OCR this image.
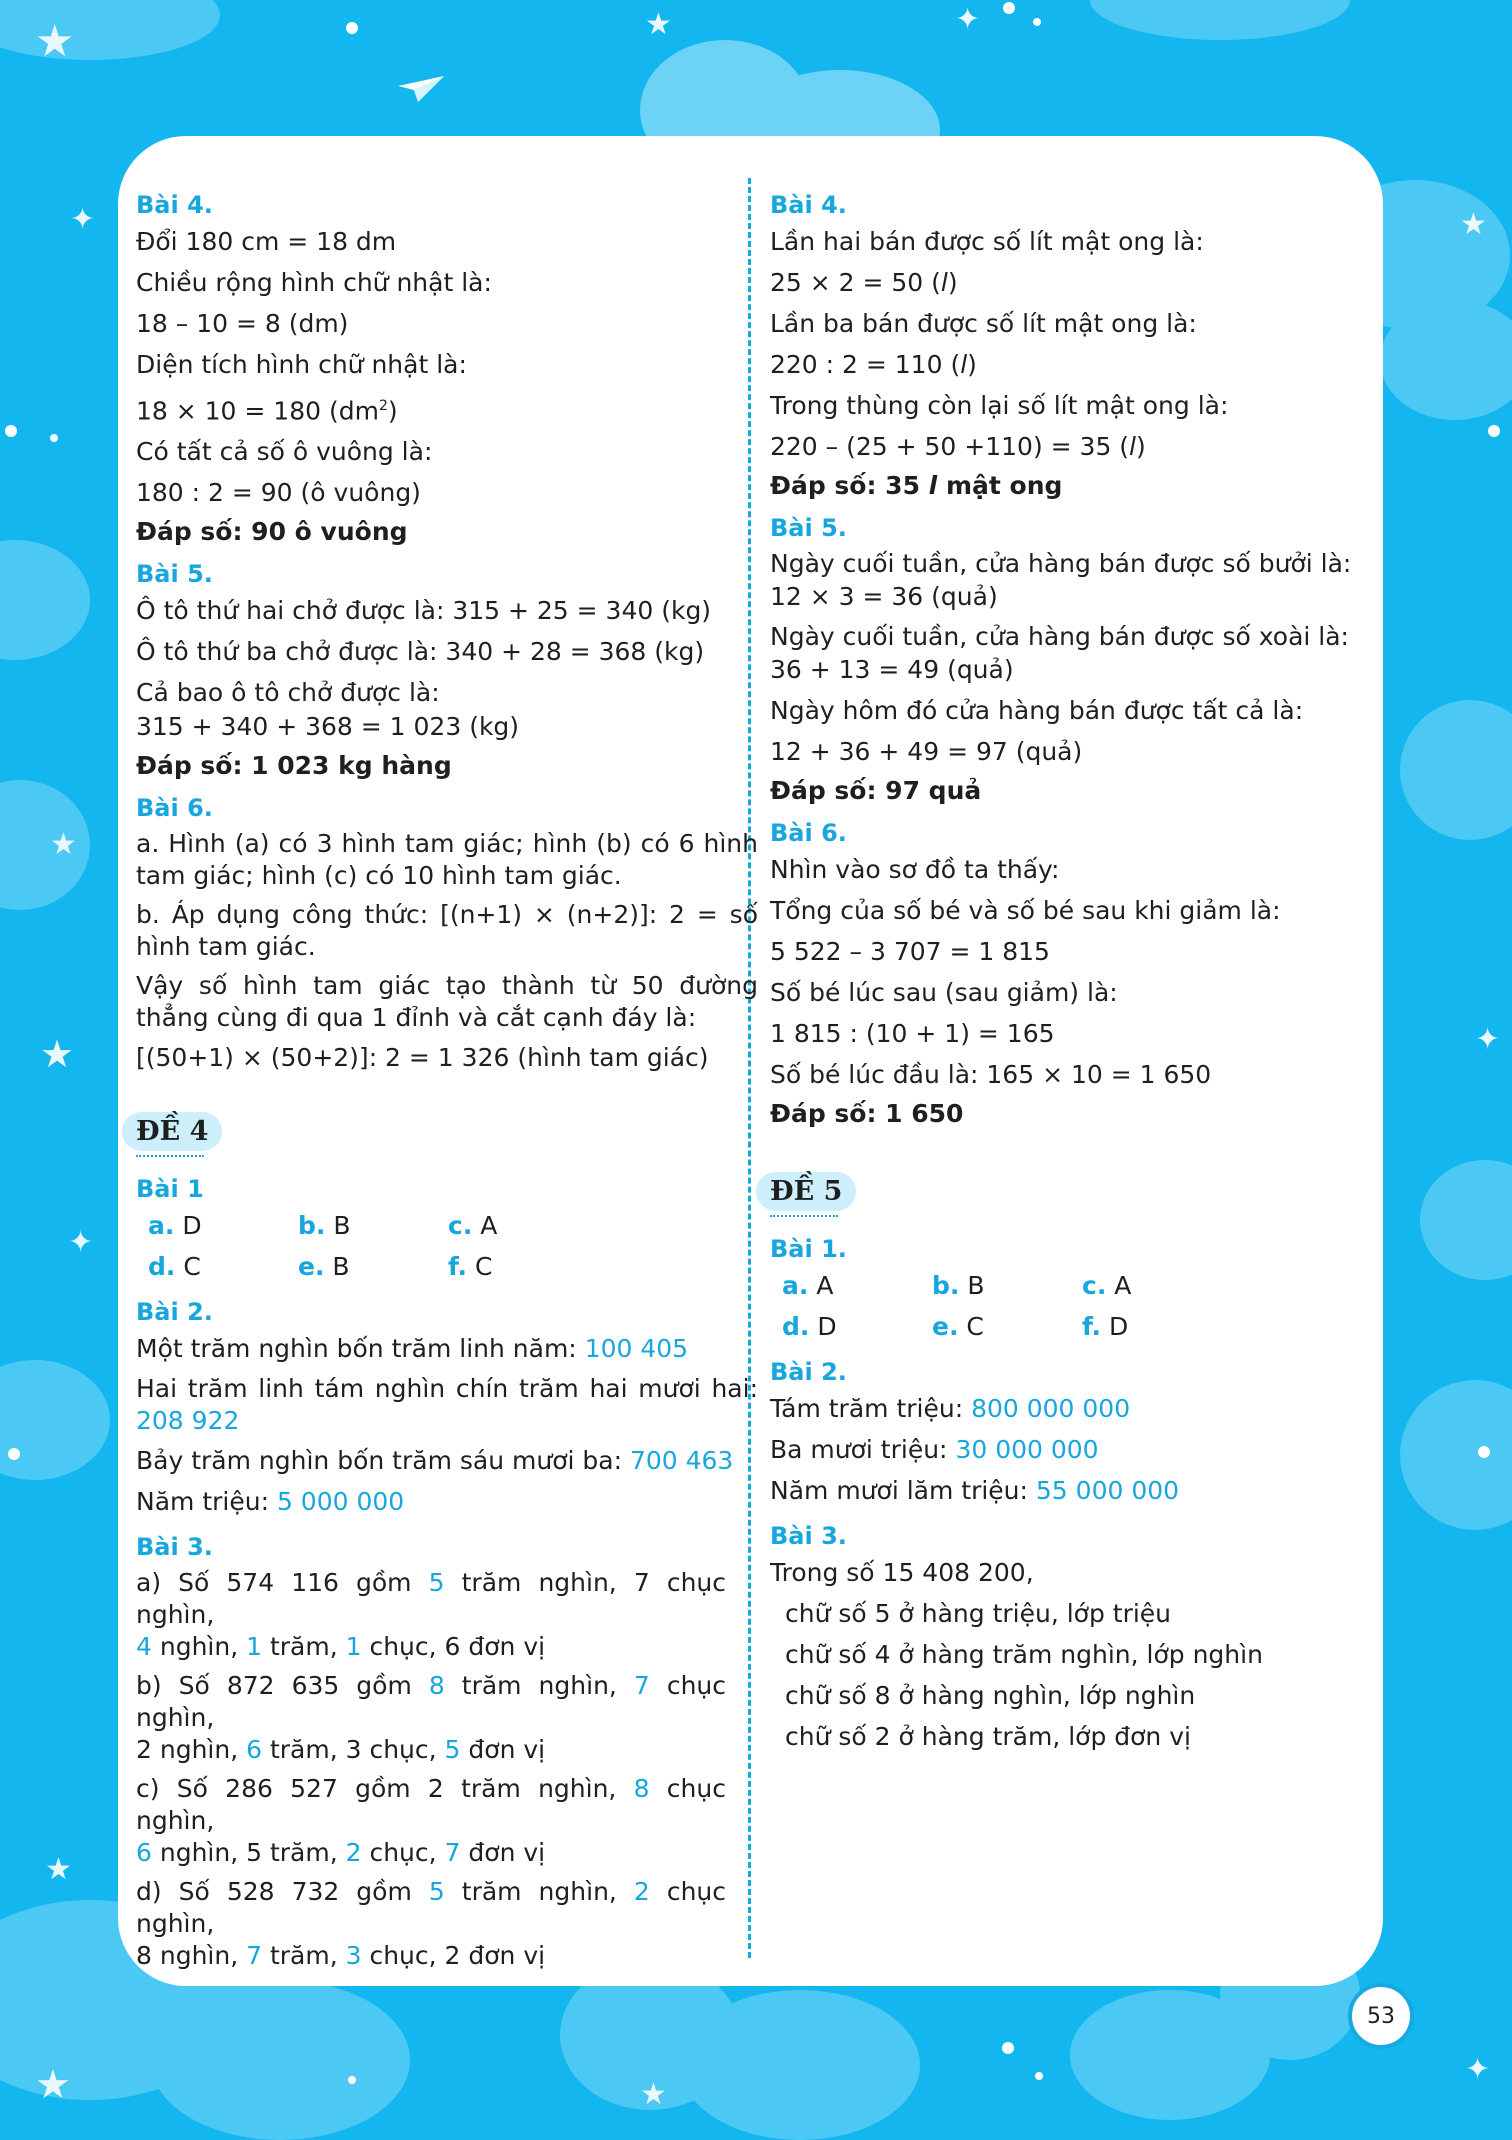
★	★	✦
✦	★
★
★
✦
✦
★
★	★
✦
Bài 4.
Đổi 180 cm = 18 dm
Chiều rộng hình chữ nhật là:
18 – 10 = 8 (dm)
Diện tích hình chữ nhật là:
18 × 10 = 180 $(dm^2)$
Có tất cả số ô vuông là:
180 : 2 = 90 (ô vuông)
Đáp số: 90 ô vuông
Bài 5.
Ô tô thứ hai chở được là: 315 + 25 = 340 (kg)
Ô tô thứ ba chở được là: 340 + 28 = 368 (kg)
Cả bao ô tô chở được là:
315 + 340 + 368 = 1 023 (kg)
Đáp số: 1 023 kg hàng
Bài 6.
a. Hình (a) có 3 hình tam giác; hình (b) có 6 hình tam giác; hình (c) có 10 hình tam giác.
b. Áp dụng công thức: [(n+1) × (n+2)]: 2 = số hình tam giác.
Vậy số hình tam giác tạo thành từ 50 đường thẳng cùng đi qua 1 đỉnh và cắt cạnh đáy là:
[(50+1) × (50+2)]: 2 = 1 326 (hình tam giác)
ĐỀ 4
Bài 1
a. D	b. B	c. A
d. C	e. B	f. C
Bài 2.
Một trăm nghìn bốn trăm linh năm: 100 405
Hai trăm linh tám nghìn chín trăm hai mươi hai: 208 922
Bảy trăm nghìn bốn trăm sáu mươi ba: 700 463
Năm triệu: 5 000 000
Bài 3.
a) Số 574 116 gồm 5 trăm nghìn, 7 chục nghìn,
4 nghìn, 1 trăm, 1 chục, 6 đơn vị
b) Số 872 635 gồm 8 trăm nghìn, 7 chục nghìn,
2 nghìn, 6 trăm, 3 chục, 5 đơn vị
c) Số 286 527 gồm 2 trăm nghìn, 8 chục nghìn,
6 nghìn, 5 trăm, 2 chục, 7 đơn vị
d) Số 528 732 gồm 5 trăm nghìn, 2 chục nghìn,
8 nghìn, 7 trăm, 3 chục, 2 đơn vị
Bài 4.
Lần hai bán được số lít mật ong là:
25 × 2 = 50 (l)
Lần ba bán được số lít mật ong là:
220 : 2 = 110 (l)
Trong thùng còn lại số lít mật ong là:
220 – (25 + 50 +110) = 35 (l)
Đáp số: 35 l mật ong
Bài 5.
Ngày cuối tuần, cửa hàng bán được số bưởi là:
12 × 3 = 36 (quả)
Ngày cuối tuần, cửa hàng bán được số xoài là:
36 + 13 = 49 (quả)
Ngày hôm đó cửa hàng bán được tất cả là:
12 + 36 + 49 = 97 (quả)
Đáp số: 97 quả
Bài 6.
Nhìn vào sơ đồ ta thấy:
Tổng của số bé và số bé sau khi giảm là:
5 522 – 3 707 = 1 815
Số bé lúc sau (sau giảm) là:
1 815 : (10 + 1) = 165
Số bé lúc đầu là: 165 × 10 = 1 650
Đáp số: 1 650
ĐỀ 5
Bài 1.
a. A	b. B	c. A
d. D	e. C	f. D
Bài 2.
Tám trăm triệu: 800 000 000
Ba mươi triệu: 30 000 000
Năm mươi lăm triệu: 55 000 000
Bài 3.
Trong số 15 408 200,
chữ số 5 ở hàng triệu, lớp triệu
chữ số 4 ở hàng trăm nghìn, lớp nghìn
chữ số 8 ở hàng nghìn, lớp nghìn
chữ số 2 ở hàng trăm, lớp đơn vị
53
